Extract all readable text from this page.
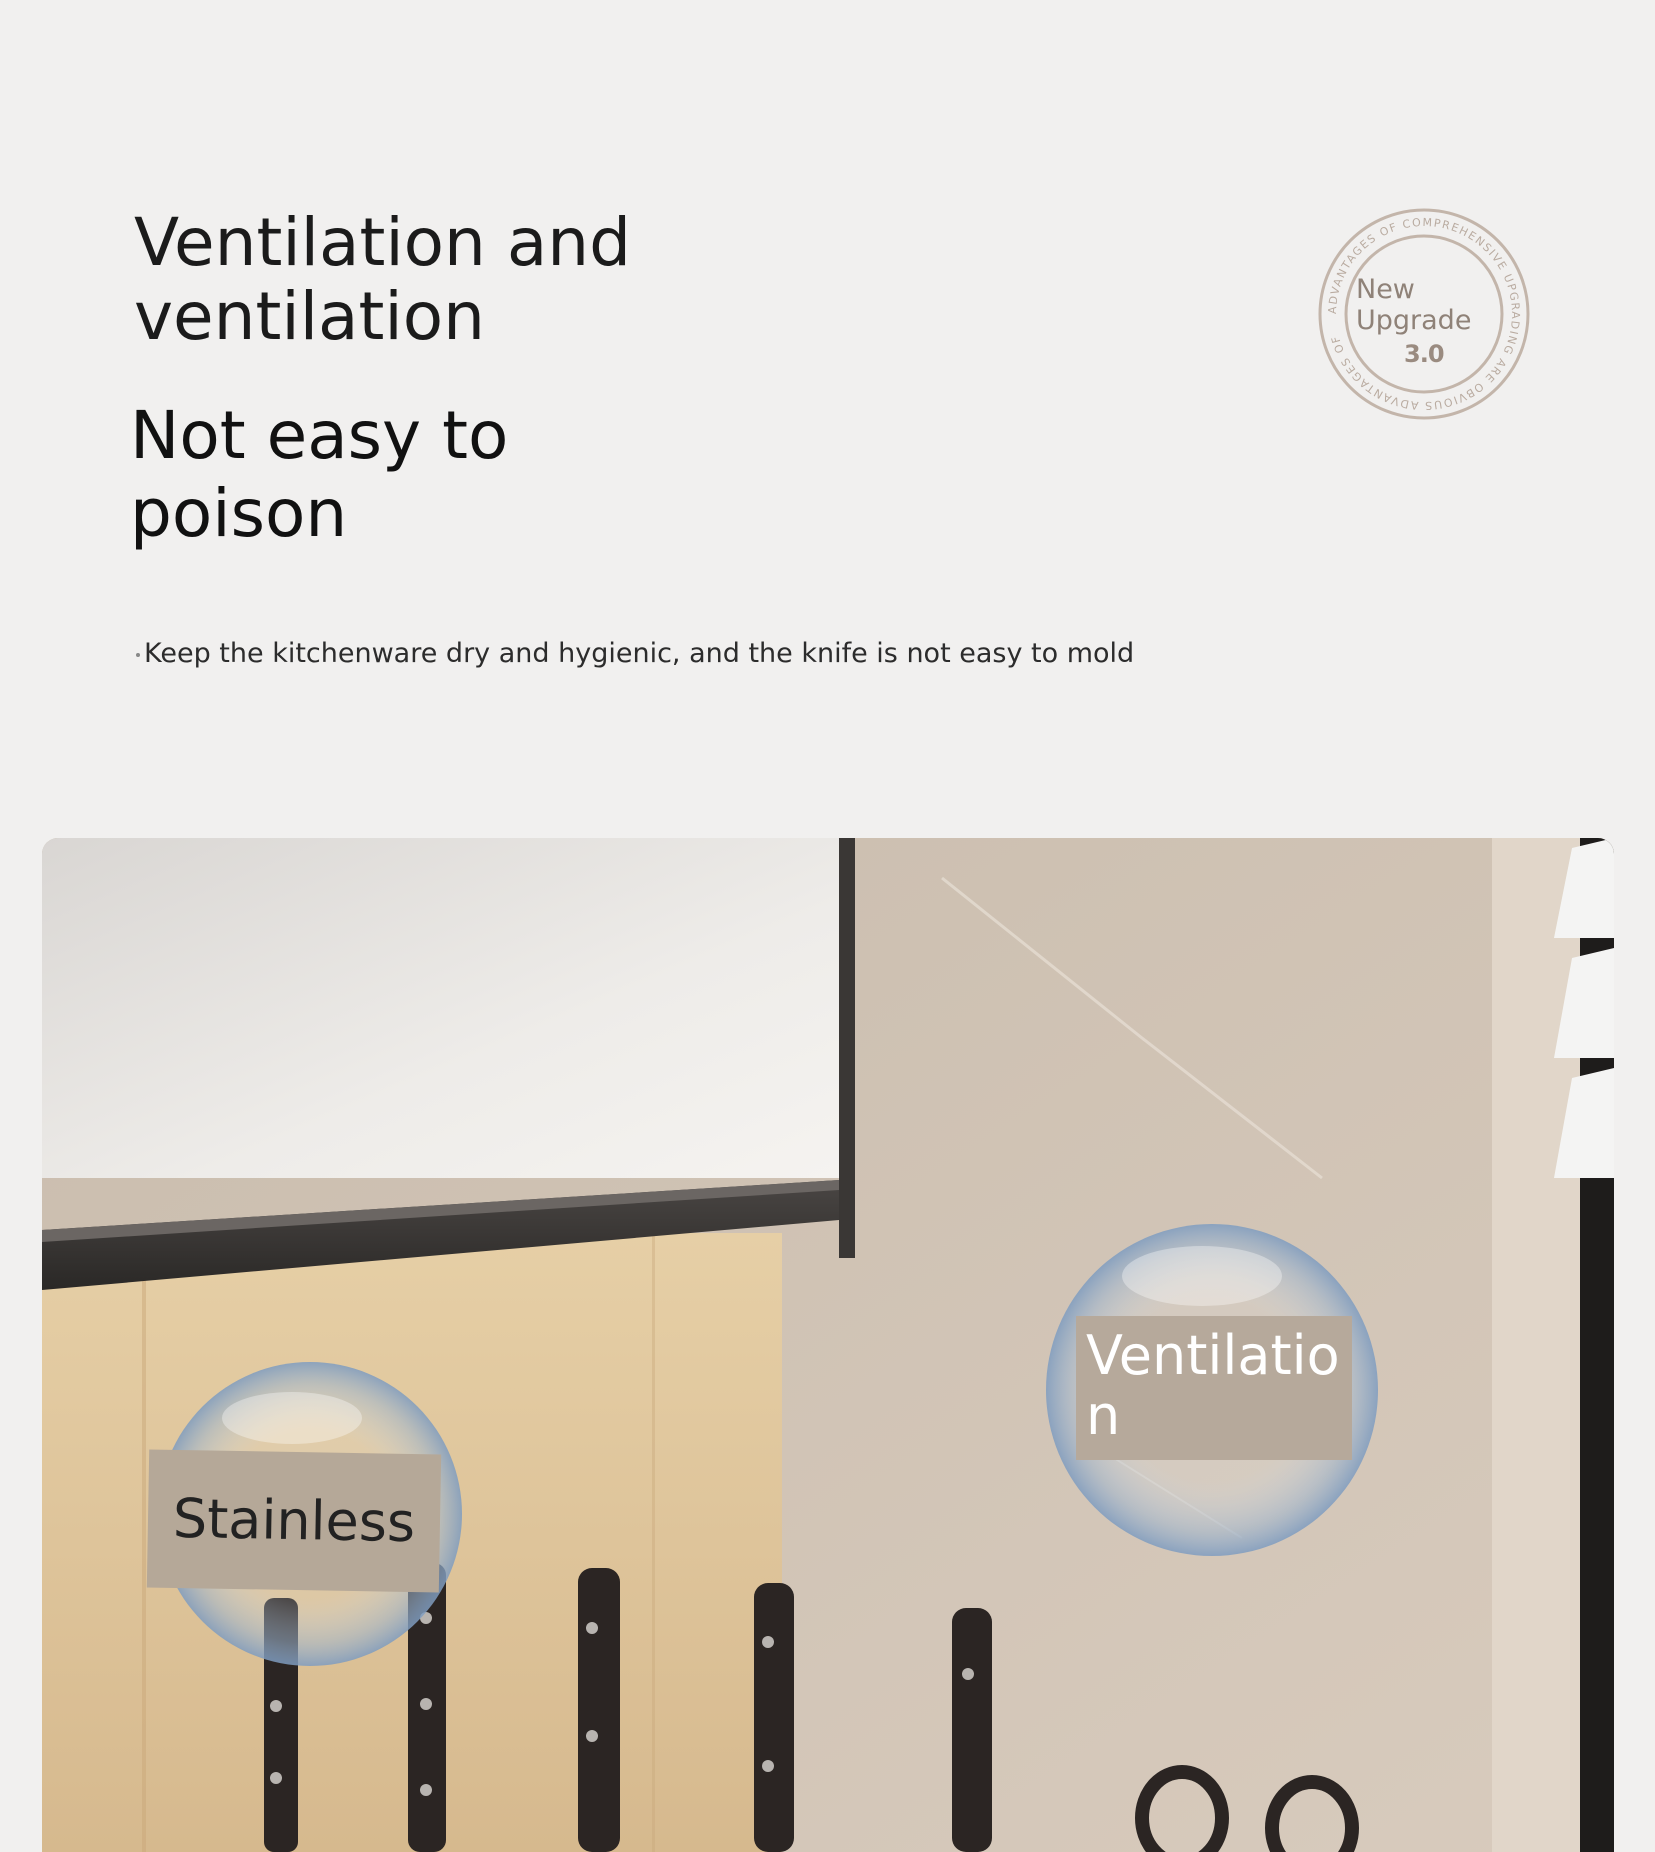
Ventilation and ventilation
Not easy to poison

Keep the kitchenware dry and hygienic, and the knife is not easy to mold

ADVANTAGES OF COMPREHENSIVE UPGRADING ARE OBVIOUS ADVANTAGES OF
New
Upgrade
3.0
Stainless
Ventilation
